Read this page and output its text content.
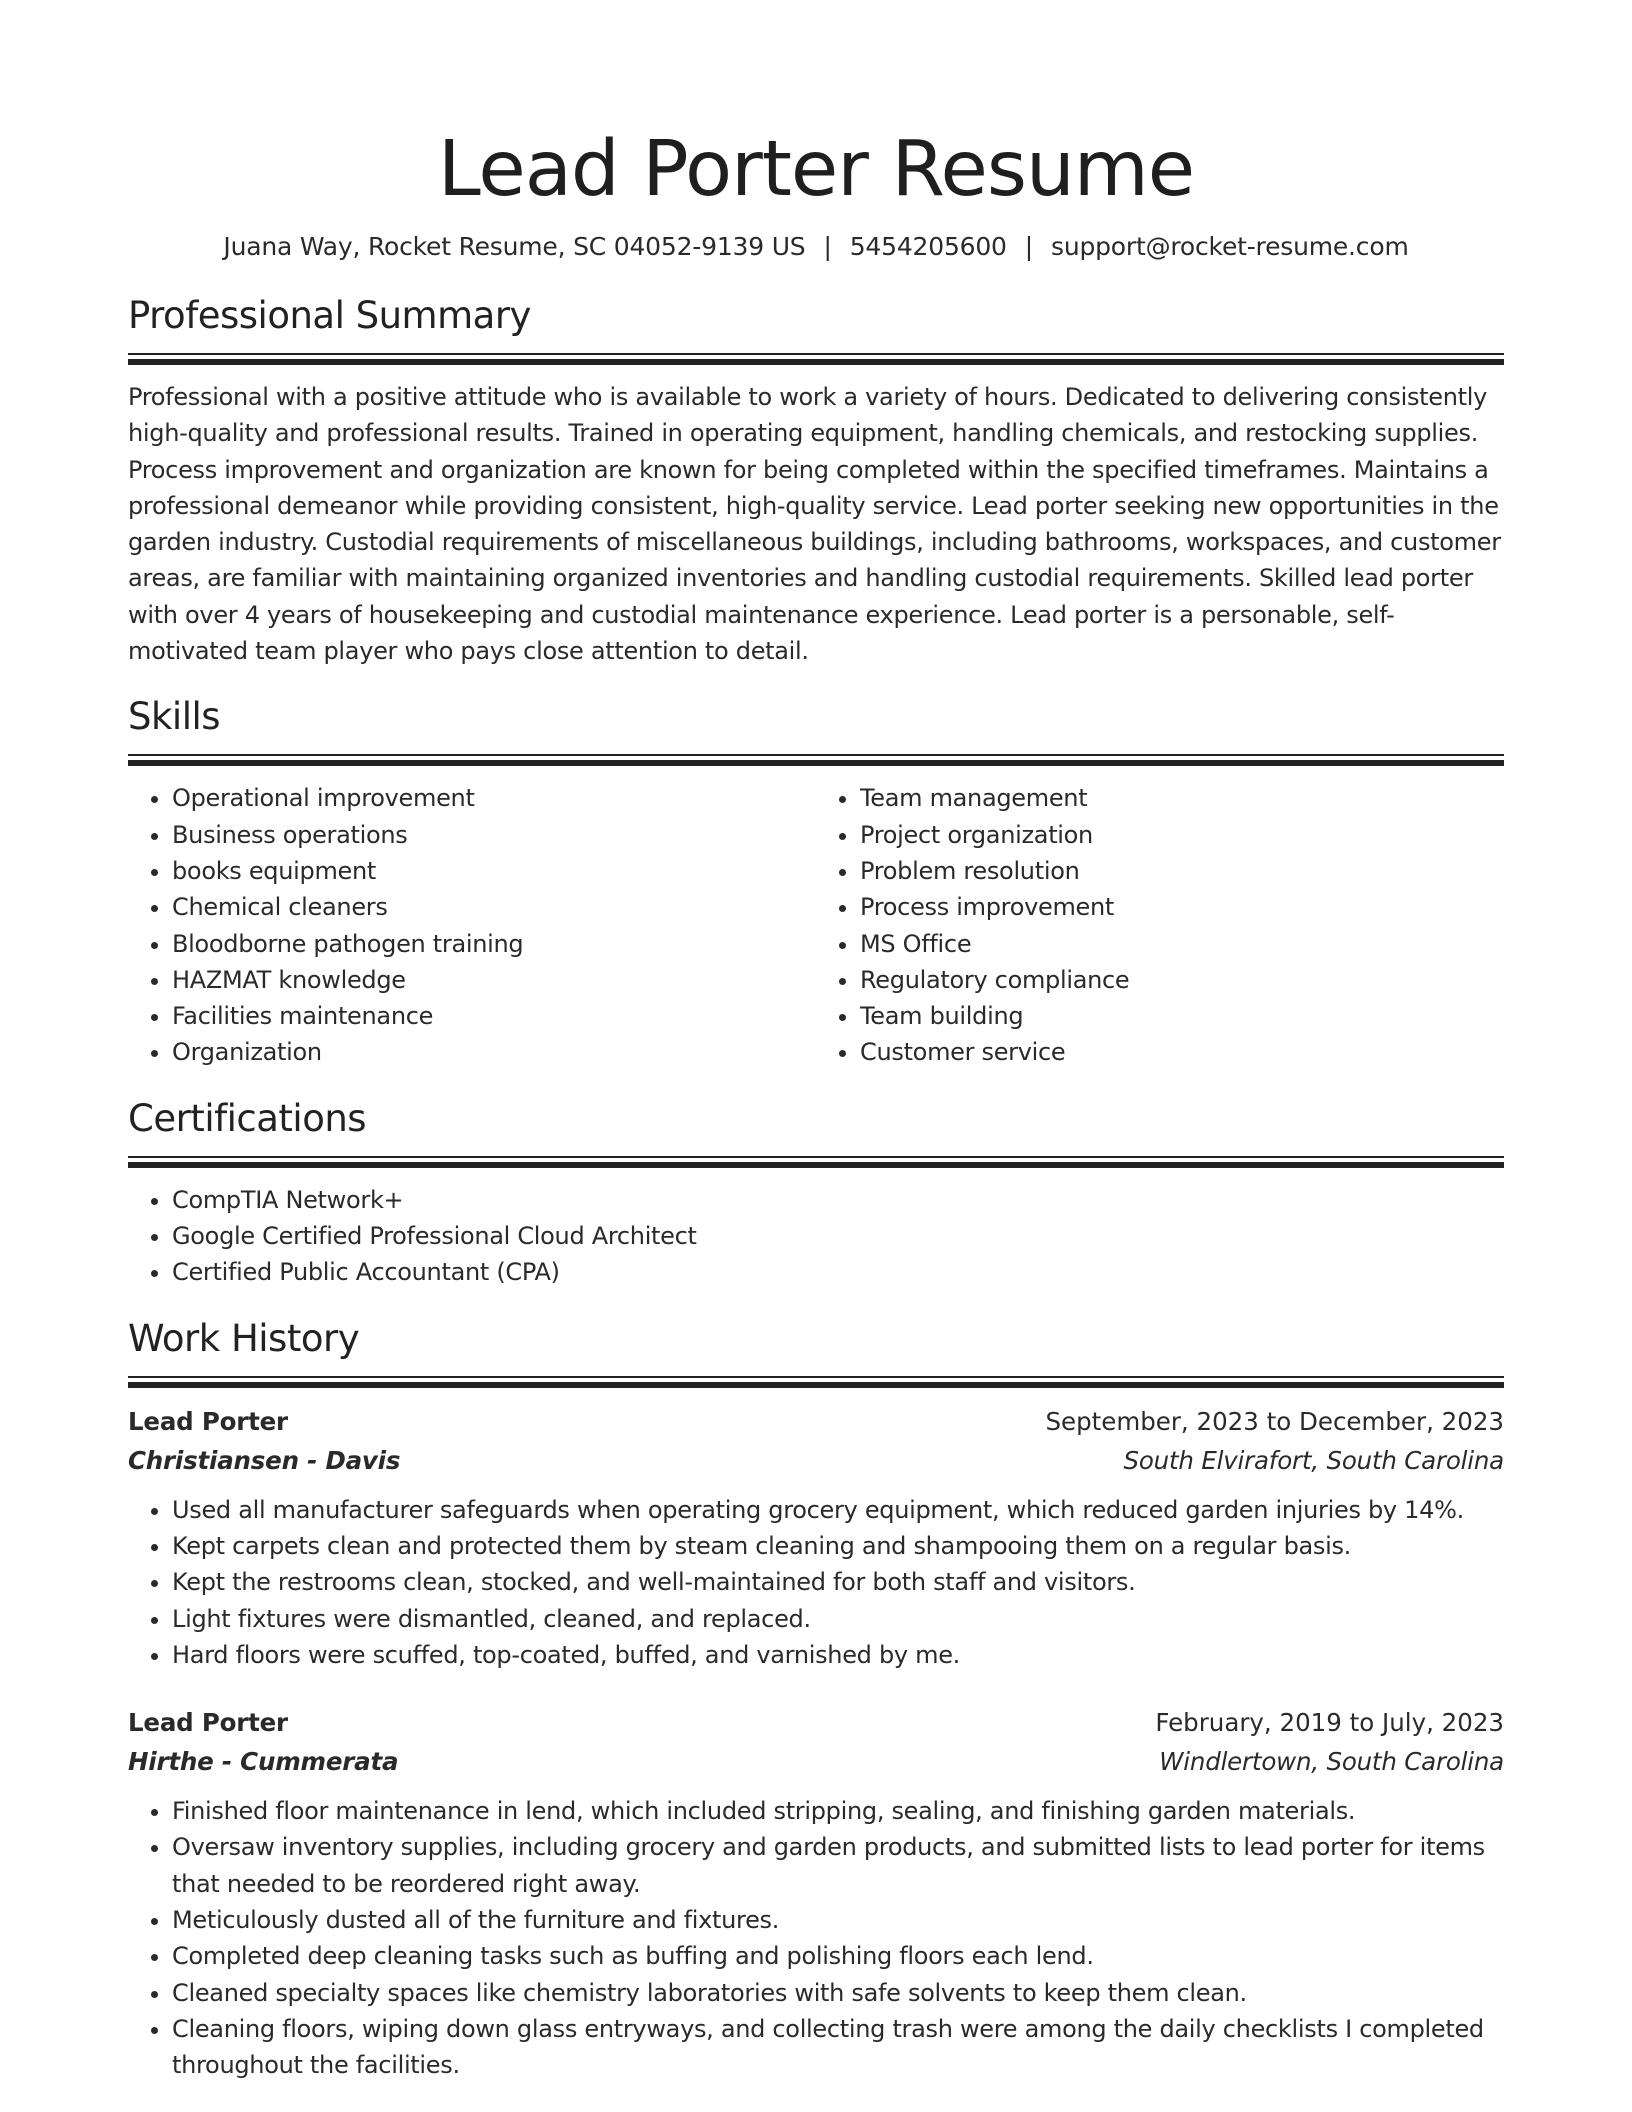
Lead Porter Resume
Juana Way, Rocket Resume, SC 04052-9139 US | 5454205600 | support@rocket-resume.com
Professional Summary
Professional with a positive attitude who is available to work a variety of hours. Dedicated to delivering consistently high-quality and professional results. Trained in operating equipment, handling chemicals, and restocking supplies. Process improvement and organization are known for being completed within the specified timeframes. Maintains a professional demeanor while providing consistent, high-quality service. Lead porter seeking new opportunities in the garden industry. Custodial requirements of miscellaneous buildings, including bathrooms, workspaces, and customer areas, are familiar with maintaining organized inventories and handling custodial requirements. Skilled lead porter with over 4 years of housekeeping and custodial maintenance experience. Lead porter is a personable, self-motivated team player who pays close attention to detail.
Skills
• Operational improvement
• Business operations
• books equipment
• Chemical cleaners
• Bloodborne pathogen training
• HAZMAT knowledge
• Facilities maintenance
• Organization
• Team management
• Project organization
• Problem resolution
• Process improvement
• MS Office
• Regulatory compliance
• Team building
• Customer service
Certifications
• CompTIA Network+
• Google Certified Professional Cloud Architect
• Certified Public Accountant (CPA)
Work History
Lead Porter	September, 2023 to December, 2023
Christiansen - Davis	South Elvirafort, South Carolina
• Used all manufacturer safeguards when operating grocery equipment, which reduced garden injuries by 14%.
• Kept carpets clean and protected them by steam cleaning and shampooing them on a regular basis.
• Kept the restrooms clean, stocked, and well-maintained for both staff and visitors.
• Light fixtures were dismantled, cleaned, and replaced.
• Hard floors were scuffed, top-coated, buffed, and varnished by me.
Lead Porter	February, 2019 to July, 2023
Hirthe - Cummerata	Windlertown, South Carolina
• Finished floor maintenance in lend, which included stripping, sealing, and finishing garden materials.
• Oversaw inventory supplies, including grocery and garden products, and submitted lists to lead porter for items that needed to be reordered right away.
• Meticulously dusted all of the furniture and fixtures.
• Completed deep cleaning tasks such as buffing and polishing floors each lend.
• Cleaned specialty spaces like chemistry laboratories with safe solvents to keep them clean.
• Cleaning floors, wiping down glass entryways, and collecting trash were among the daily checklists I completed throughout the facilities.
